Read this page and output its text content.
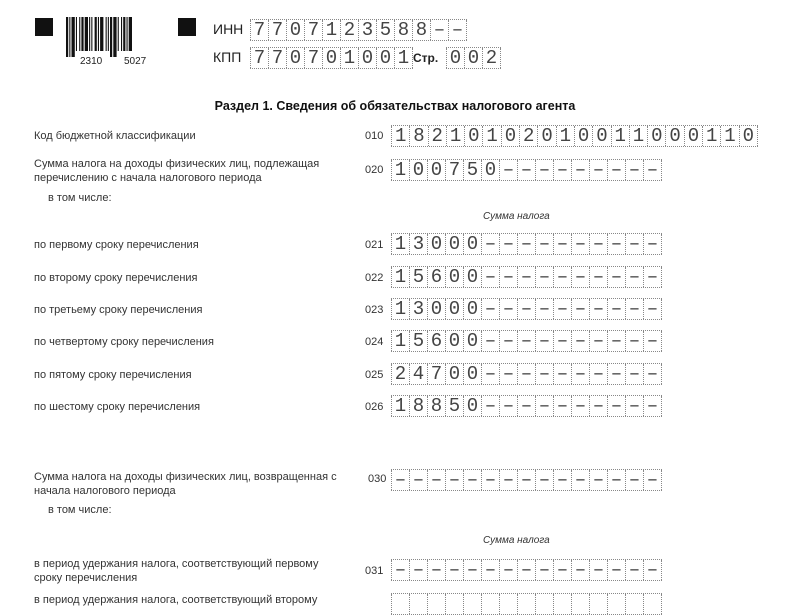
2310 5027
ИНН 7 7 0 7 1 2 3 5 8 8 – –
КПП 7 7 0 7 0 1 0 0 1 Стр. 0 0 2
Раздел 1. Сведения об обязательствах налогового агента
Код бюджетной классификации	010 1 8 2 1 0 1 0 2 0 1 0 0 1 1 0 0 0 1 1 0
Сумма налога на доходы физических лиц, подлежащая перечислению с начала налогового периода
020 1 0 0 7 5 0 – – – – – – – – –
в том числе:
Сумма налога
по первому сроку перечисления	021 1 3 0 0 0 – – – – – – – – – –
по второму сроку перечисления	022 1 5 6 0 0 – – – – – – – – – –
по третьему сроку перечисления	023 1 3 0 0 0 – – – – – – – – – –
по четвертому сроку перечисления	024 1 5 6 0 0 – – – – – – – – – –
по пятому сроку перечисления	025 2 4 7 0 0 – – – – – – – – – –
по шестому сроку перечисления	026 1 8 8 5 0 – – – – – – – – – –
Сумма налога на доходы физических лиц, возвращенная с начала налогового периода
030 – – – – – – – – – – – – – – –
в том числе:
Сумма налога
в период удержания налога, соответствующий первому сроку перечисления
031 – – – – – – – – – – – – – – –
в период удержания налога, соответствующий второму
